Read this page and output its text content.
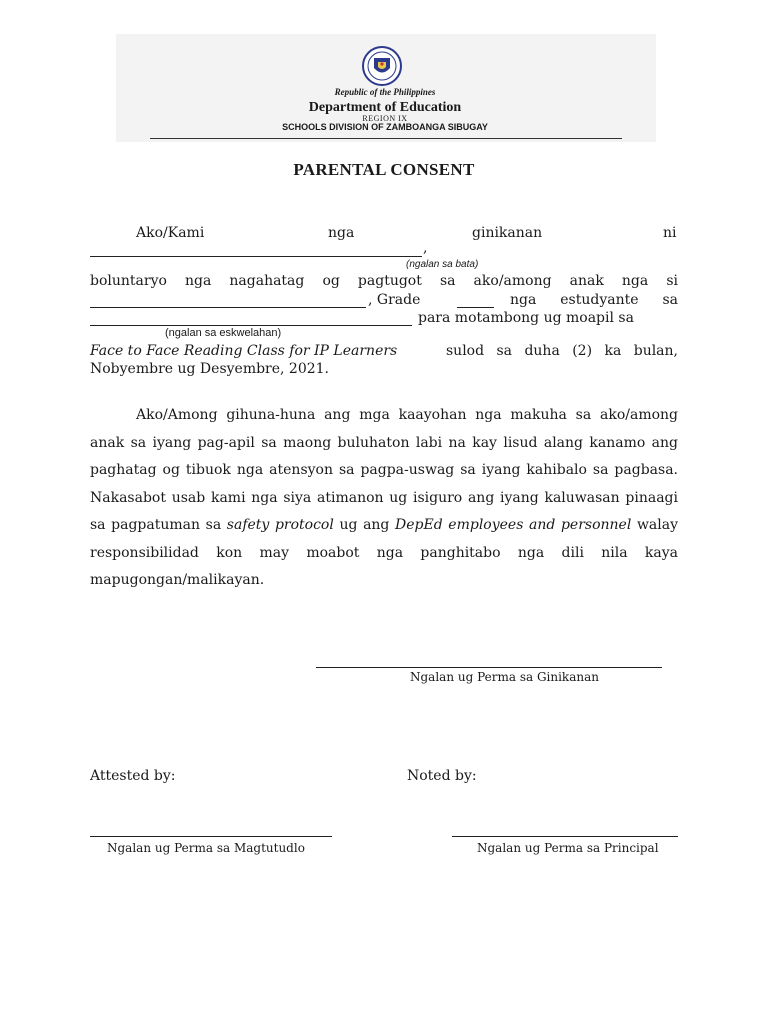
Republic of the Philippines
Department of Education
REGION IX
SCHOOLS DIVISION OF ZAMBOANGA SIBUGAY
PARENTAL CONSENT
Ako/Kami	nga	ginikanan	ni
,
(ngalan sa bata)
boluntaryo nga nagahatag og pagtugot sa ako/among anak nga si
, Grade	nga estudyante sa
para motambong ug moapil sa
(ngalan sa eskwelahan)
Face to Face Reading Class for IP Learners	sulod sa duha (2) ka bulan,
Nobyembre ug Desyembre, 2021.
Ako/Among gihuna-huna ang mga kaayohan nga makuha sa ako/among anak sa iyang pag-apil sa maong buluhaton labi na kay lisud alang kanamo ang paghatag og tibuok nga atensyon sa pagpa-uswag sa iyang kahibalo sa pagbasa. Nakasabot usab kami nga siya atimanon ug isiguro ang iyang kaluwasan pinaagi sa pagpatuman sa safety protocol ug ang DepEd employees and personnel walay responsibilidad kon may moabot nga panghitabo nga dili nila kaya mapugongan/malikayan.
Ngalan ug Perma sa Ginikanan
Attested by:	Noted by:
Ngalan ug Perma sa Magtutudlo	Ngalan ug Perma sa Principal
